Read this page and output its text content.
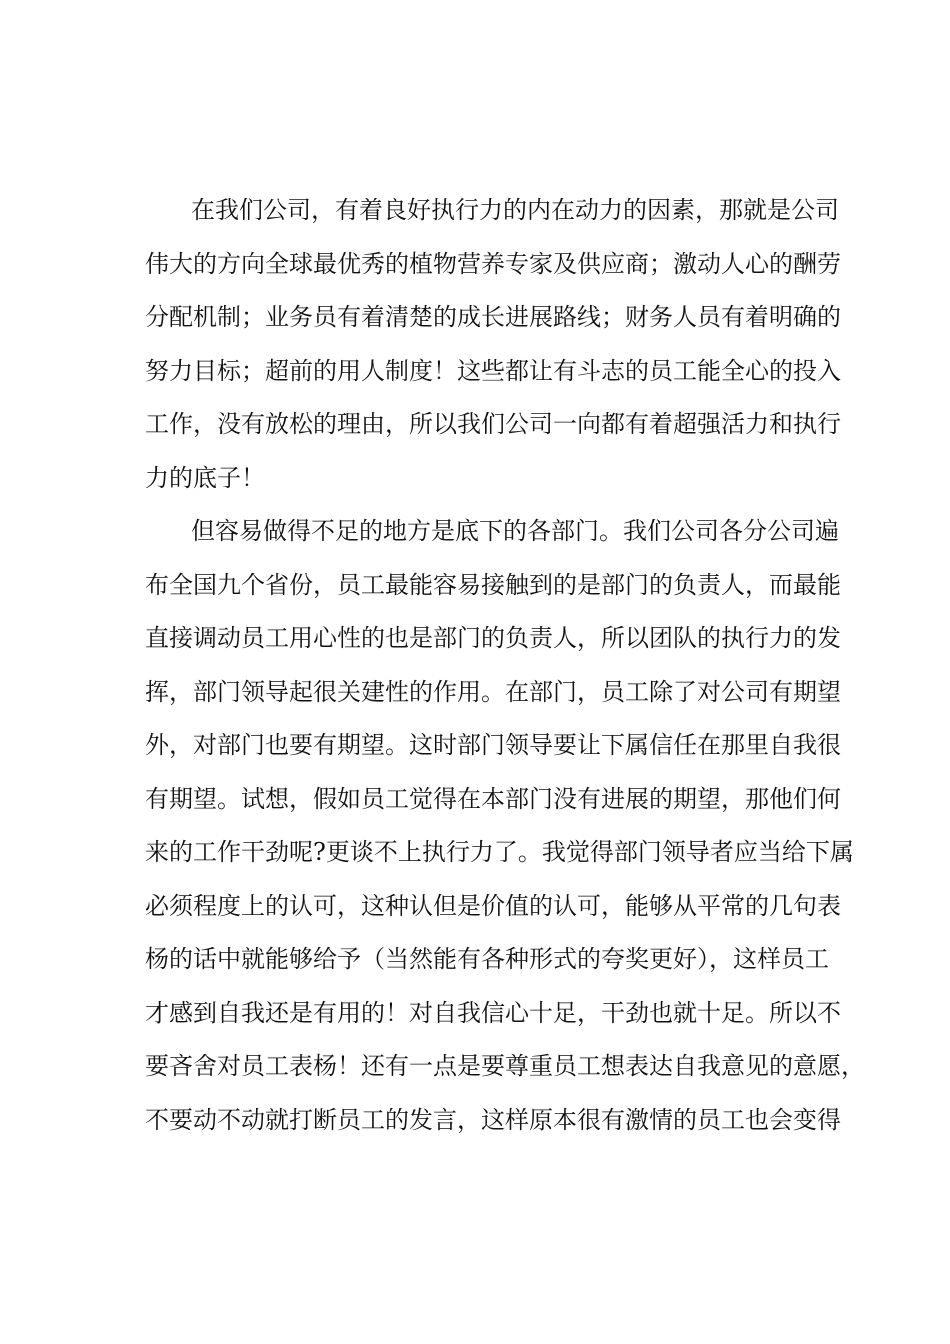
在我们公司，有着良好执行力的内在动力的因素，那就是公司
伟大的方向全球最优秀的植物营养专家及供应商；激动人心的酬劳
分配机制；业务员有着清楚的成长进展路线；财务人员有着明确的
努力目标；超前的用人制度！这些都让有斗志的员工能全心的投入
工作，没有放松的理由，所以我们公司一向都有着超强活力和执行
力的底子！
但容易做得不足的地方是底下的各部门。我们公司各分公司遍
布全国九个省份，员工最能容易接触到的是部门的负责人，而最能
直接调动员工用心性的也是部门的负责人，所以团队的执行力的发
挥，部门领导起很关建性的作用。在部门，员工除了对公司有期望
外，对部门也要有期望。这时部门领导要让下属信任在那里自我很
有期望。试想，假如员工觉得在本部门没有进展的期望，那他们何
来的工作干劲呢?更谈不上执行力了。我觉得部门领导者应当给下属
必须程度上的认可，这种认但是价值的认可，能够从平常的几句表
杨的话中就能够给予（当然能有各种形式的夸奖更好），这样员工
才感到自我还是有用的！对自我信心十足，干劲也就十足。所以不
要吝舍对员工表杨！还有一点是要尊重员工想表达自我意见的意愿，
不要动不动就打断员工的发言，这样原本很有激情的员工也会变得
